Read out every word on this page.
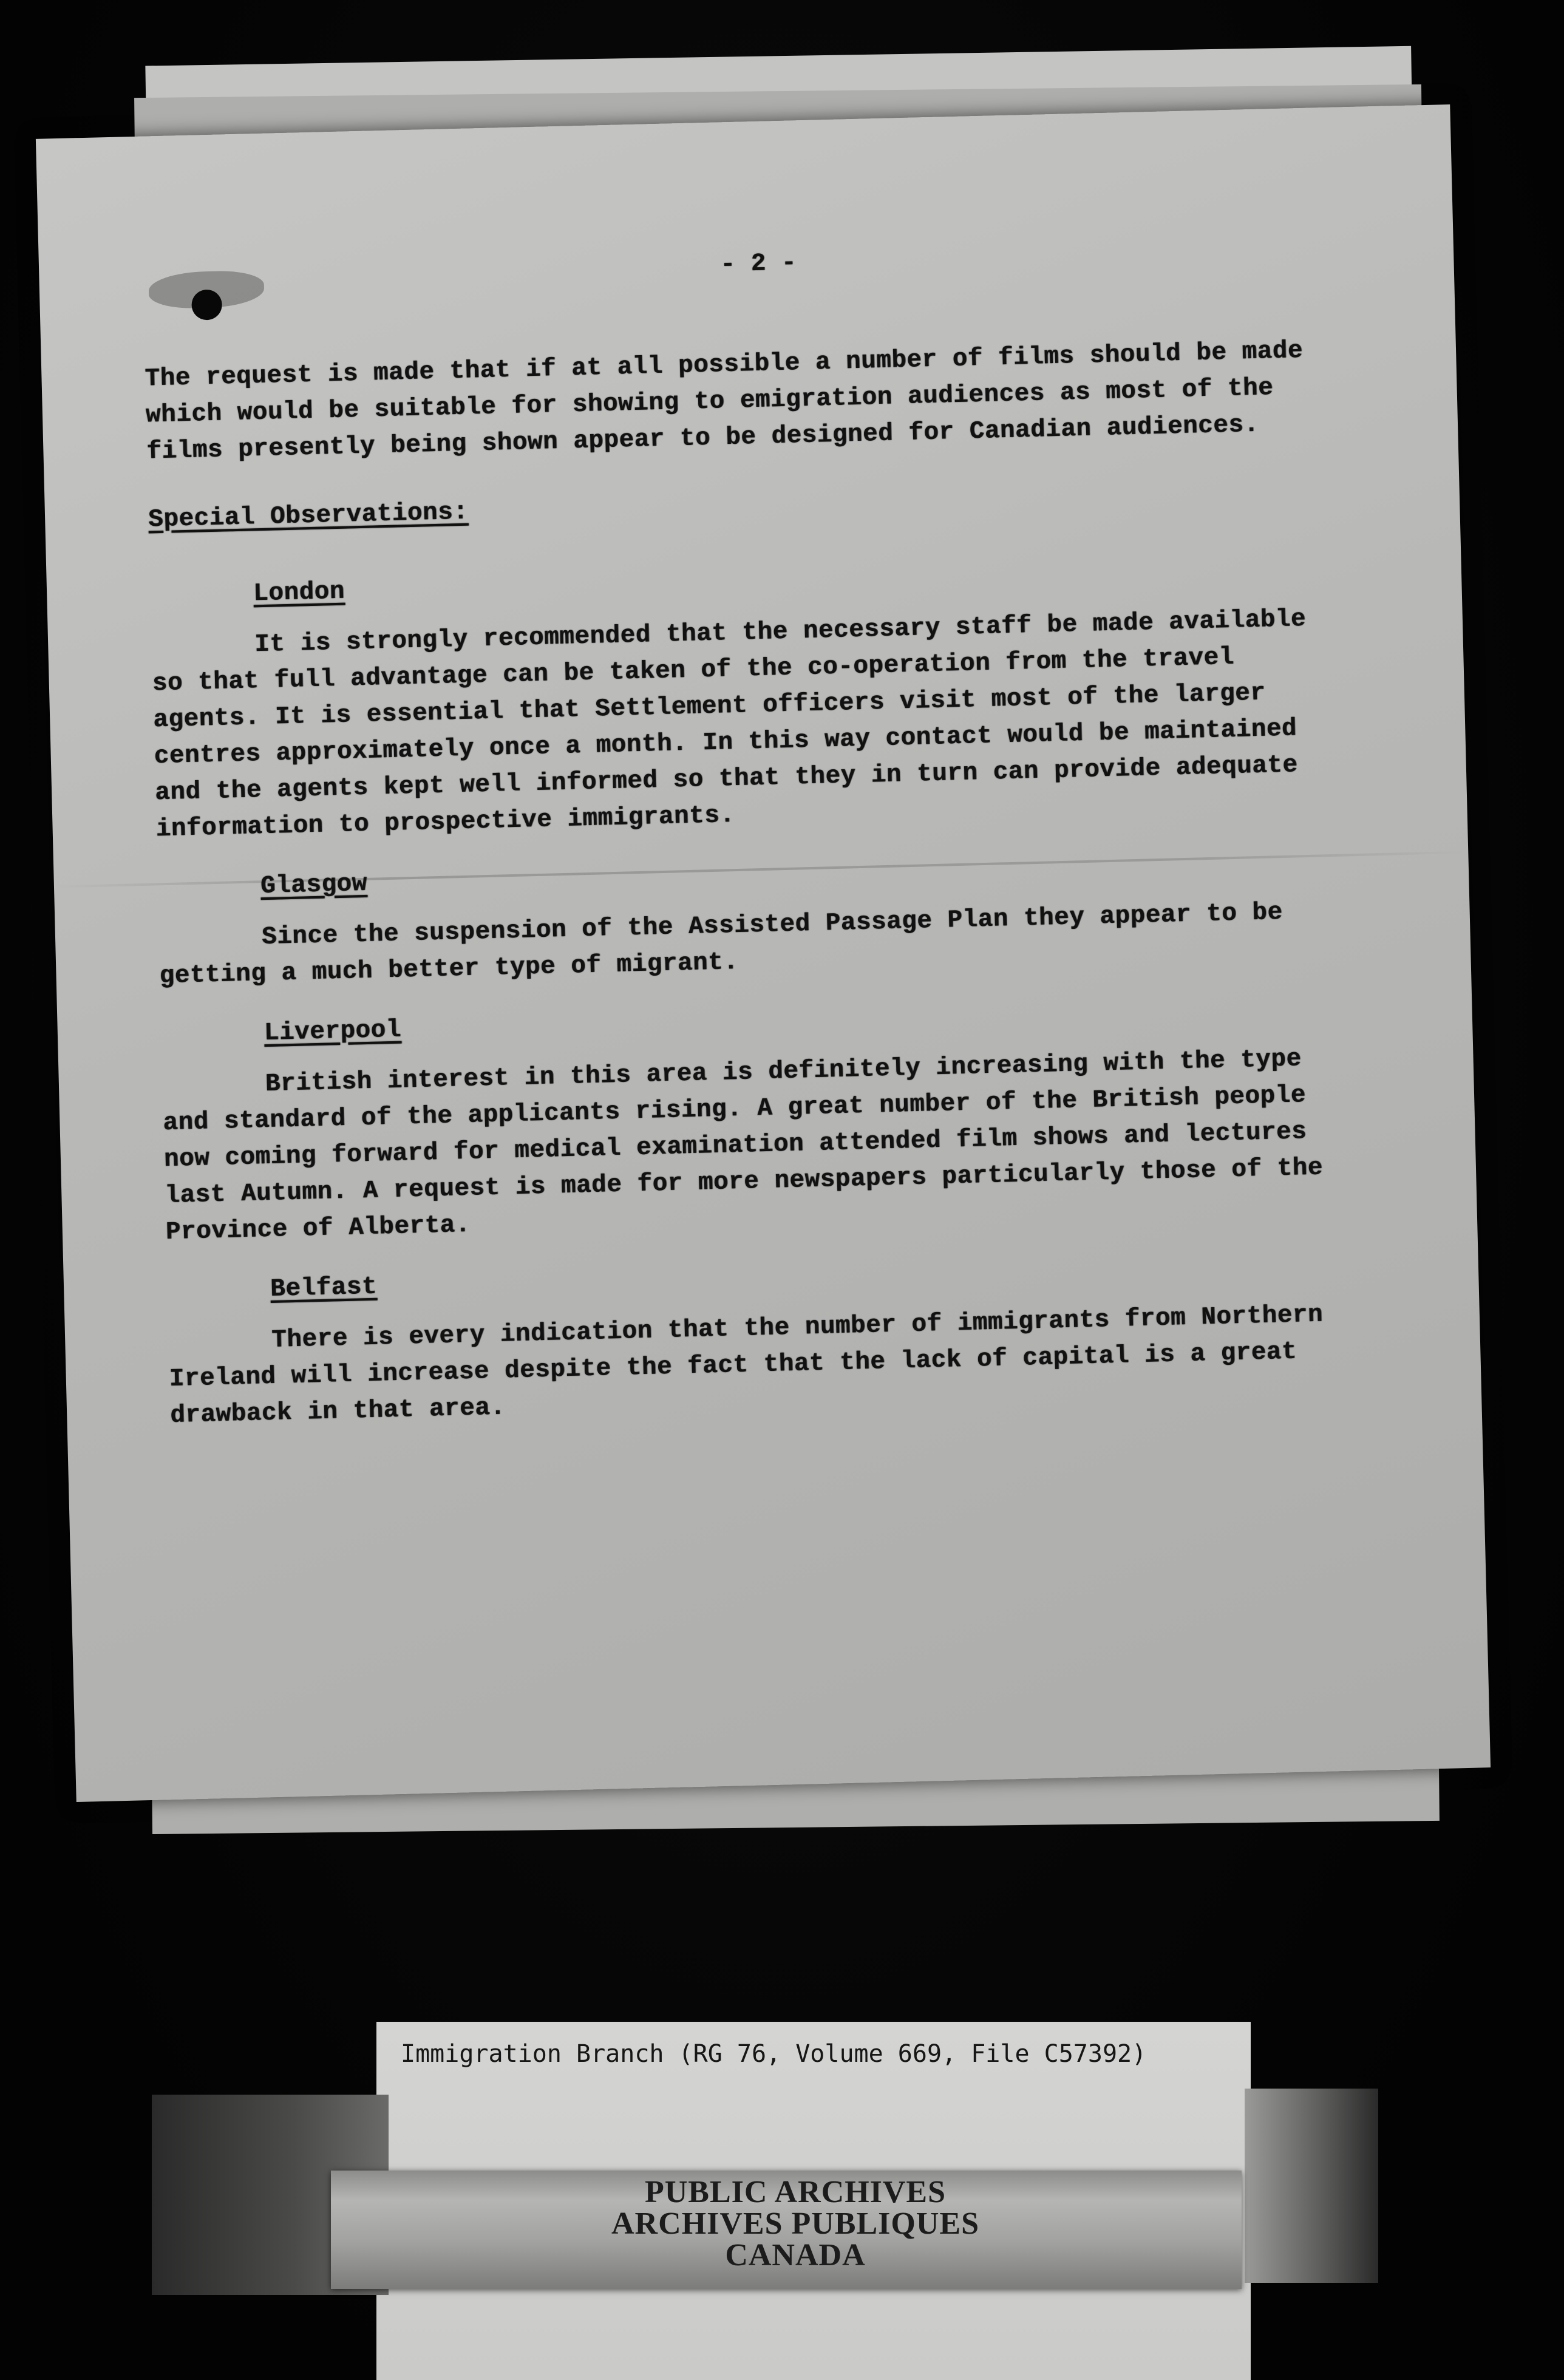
- 2 -

The request is made that if at all possible a number of films should be made which would be suitable for showing to emigration audiences as most of the films presently being shown appear to be designed for Canadian audiences.

Special Observations:
London

It is strongly recommended that the necessary staff be made available so that full advantage can be taken of the co-operation from the travel agents. It is essential that Settlement officers visit most of the larger centres approximately once a month. In this way contact would be maintained and the agents kept well informed so that they in turn can provide adequate information to prospective immigrants.

Glasgow

Since the suspension of the Assisted Passage Plan they appear to be getting a much better type of migrant.

Liverpool

British interest in this area is definitely increasing with the type and standard of the applicants rising. A great number of the British people now coming forward for medical examination attended film shows and lectures last Autumn. A request is made for more newspapers particularly those of the Province of Alberta.

Belfast

There is every indication that the number of immigrants from Northern Ireland will increase despite the fact that the lack of capital is a great drawback in that area.

Immigration Branch (RG 76, Volume 669, File C57392)
PUBLIC ARCHIVES
ARCHIVES PUBLIQUES
CANADA
